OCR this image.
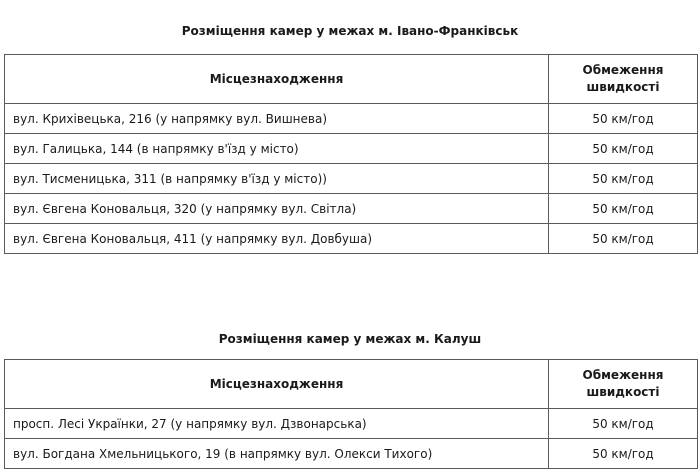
Розміщення камер у межах м. Івано-Франківськ
Місцезнаходження	Обмеження швидкості
вул. Крихівецька, 216 (у напрямку вул. Вишнева)	50 км/год
вул. Галицька, 144 (в напрямку в'їзд у місто)	50 км/год
вул. Тисменицька, 311 (в напрямку в'їзд у місто))	50 км/год
вул. Євгена Коновальця, 320 (у напрямку вул. Світла)	50 км/год
вул. Євгена Коновальця, 411 (у напрямку вул. Довбуша)	50 км/год
Розміщення камер у межах м. Калуш
Місцезнаходження	Обмеження швидкості
просп. Лесі Українки, 27 (у напрямку вул. Дзвонарська)	50 км/год
вул. Богдана Хмельницького, 19 (в напрямку вул. Олекси Тихого)	50 км/год
